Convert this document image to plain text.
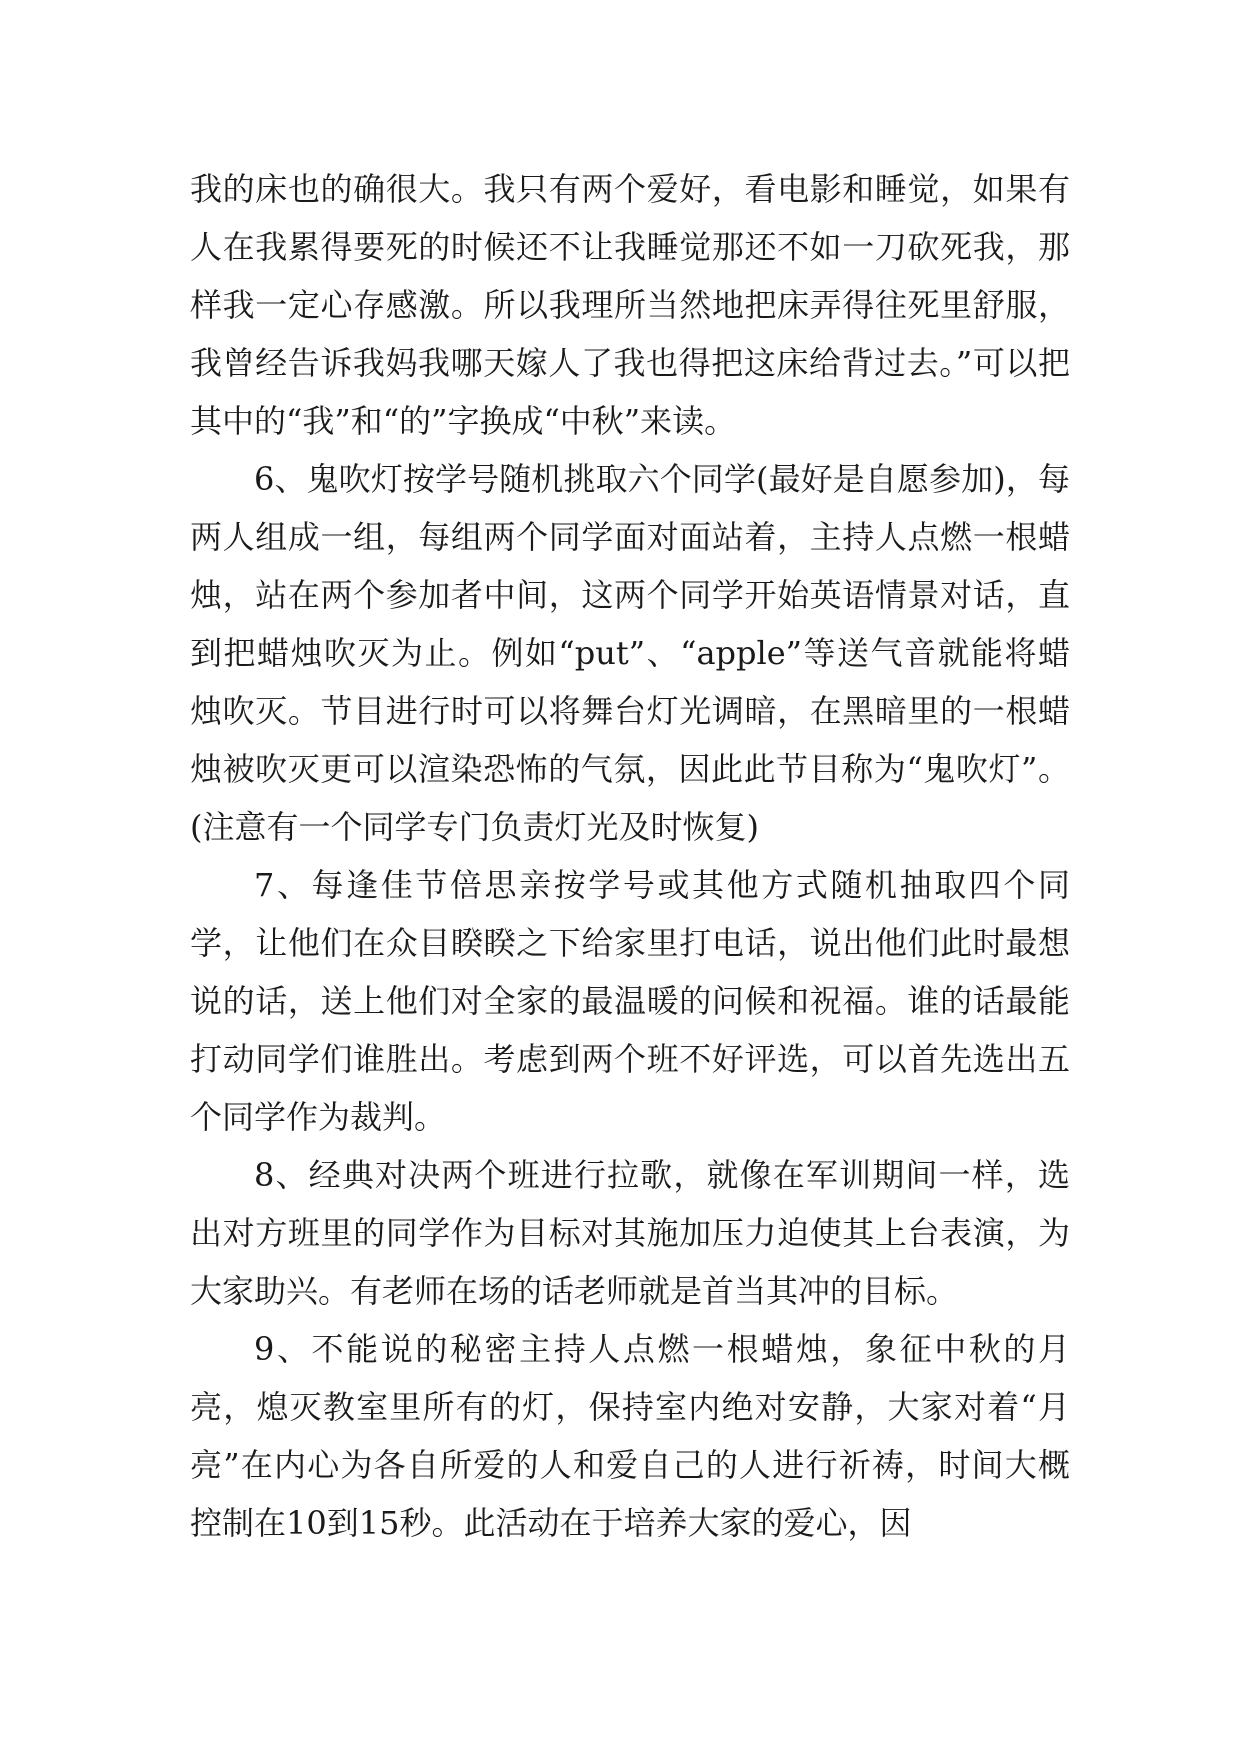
我的床也的确很大。我只有两个爱好，看电影和睡觉，如果有人在我累得要死的时候还不让我睡觉那还不如一刀砍死我，那样我一定心存感激。所以我理所当然地把床弄得往死里舒服，我曾经告诉我妈我哪天嫁人了我也得把这床给背过去。”可以把其中的“我”和“的”字换成“中秋”来读。

6、鬼吹灯按学号随机挑取六个同学(最好是自愿参加)，每两人组成一组，每组两个同学面对面站着，主持人点燃一根蜡烛，站在两个参加者中间，这两个同学开始英语情景对话，直到把蜡烛吹灭为止。例如“put”、“apple”等送气音就能将蜡烛吹灭。节目进行时可以将舞台灯光调暗，在黑暗里的一根蜡烛被吹灭更可以渲染恐怖的气氛，因此此节目称为“鬼吹灯”。(注意有一个同学专门负责灯光及时恢复)

7、每逢佳节倍思亲按学号或其他方式随机抽取四个同学，让他们在众目睽睽之下给家里打电话，说出他们此时最想说的话，送上他们对全家的最温暖的问候和祝福。谁的话最能打动同学们谁胜出。考虑到两个班不好评选，可以首先选出五个同学作为裁判。

8、经典对决两个班进行拉歌，就像在军训期间一样，选出对方班里的同学作为目标对其施加压力迫使其上台表演，为大家助兴。有老师在场的话老师就是首当其冲的目标。

9、不能说的秘密主持人点燃一根蜡烛，象征中秋的月亮，熄灭教室里所有的灯，保持室内绝对安静，大家对着“月亮”在内心为各自所爱的人和爱自己的人进行祈祷，时间大概控制在10到15秒。此活动在于培养大家的爱心，因
